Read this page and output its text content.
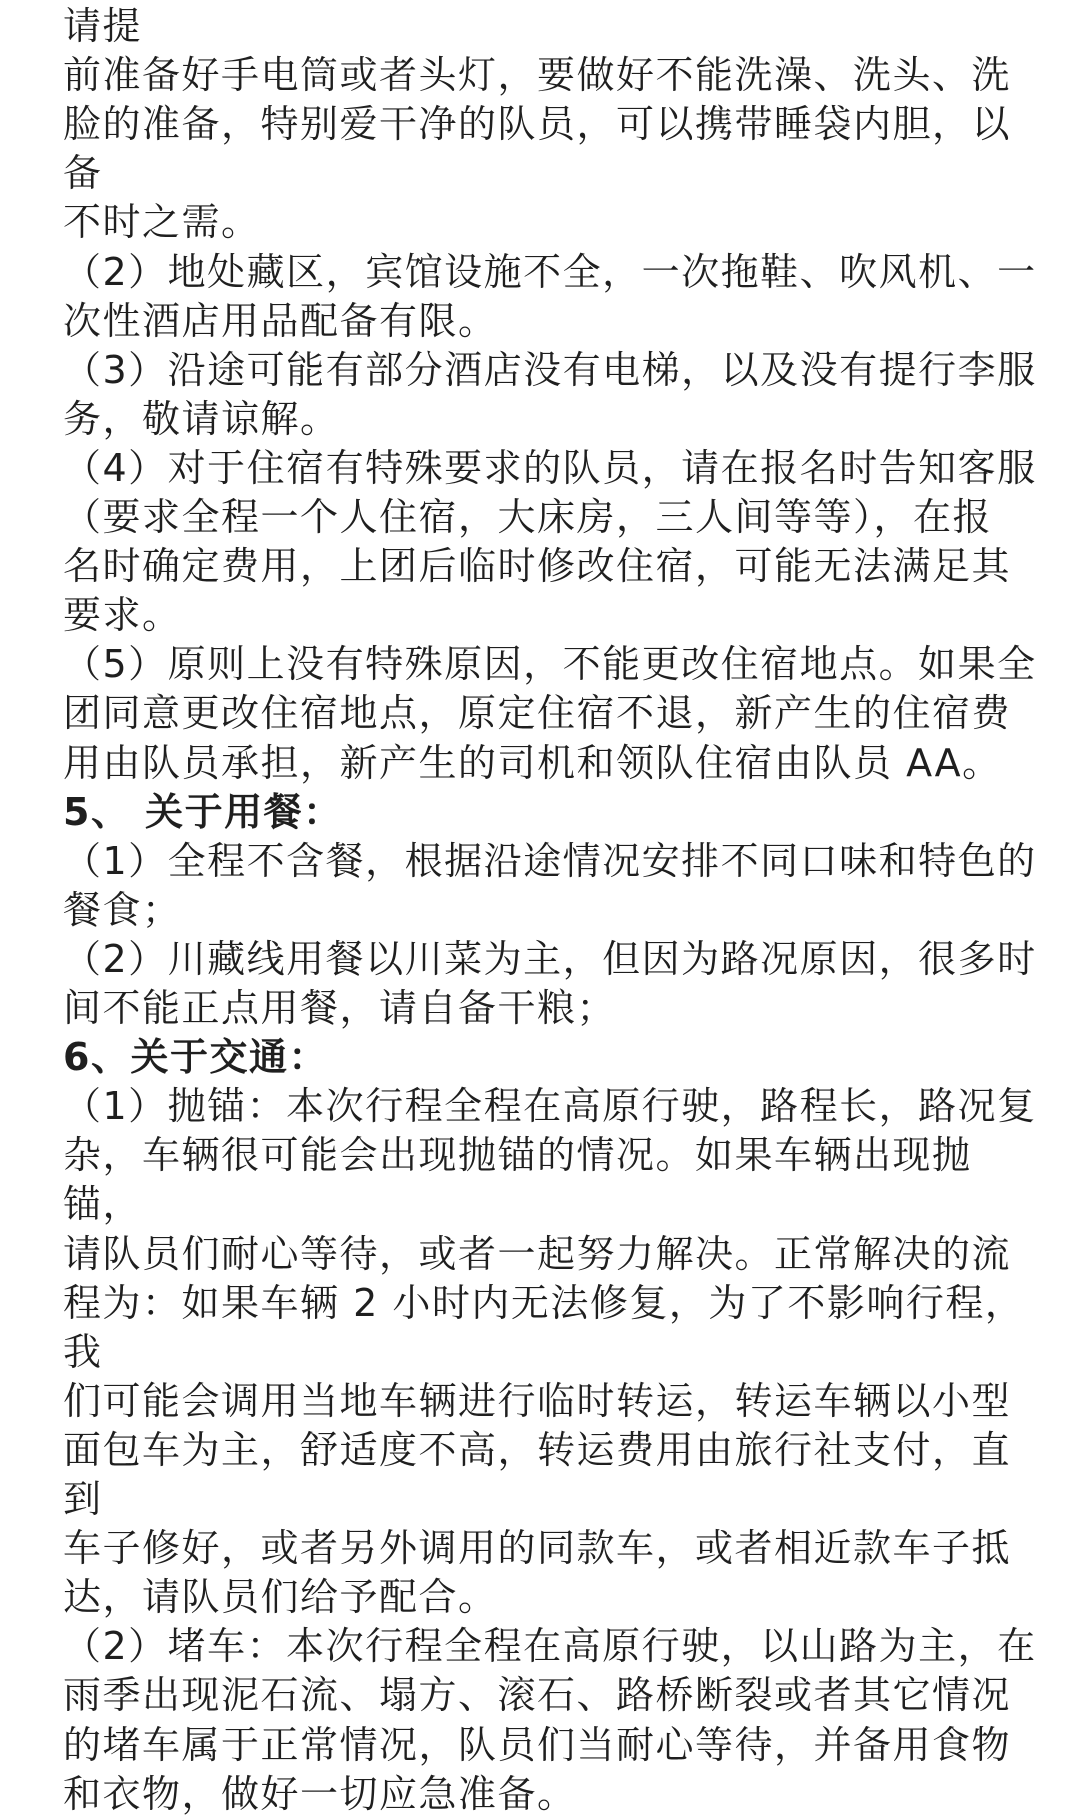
请提
前准备好手电筒或者头灯，要做好不能洗澡、洗头、洗
脸的准备，特别爱干净的队员，可以携带睡袋内胆，以
备
不时之需。
（2）地处藏区，宾馆设施不全，一次拖鞋、吹风机、一
次性酒店用品配备有限。
（3）沿途可能有部分酒店没有电梯，以及没有提行李服
务，敬请谅解。
（4）对于住宿有特殊要求的队员，请在报名时告知客服
（要求全程一个人住宿，大床房，三人间等等），在报
名时确定费用，上团后临时修改住宿，可能无法满足其
要求。
（5）原则上没有特殊原因，不能更改住宿地点。如果全
团同意更改住宿地点，原定住宿不退，新产生的住宿费
用由队员承担，新产生的司机和领队住宿由队员 AA。
5、 关于用餐：
（1）全程不含餐，根据沿途情况安排不同口味和特色的
餐食；
（2）川藏线用餐以川菜为主，但因为路况原因，很多时
间不能正点用餐，请自备干粮；
6、关于交通：
（1）抛锚：本次行程全程在高原行驶，路程长，路况复
杂，车辆很可能会出现抛锚的情况。如果车辆出现抛
锚，
请队员们耐心等待，或者一起努力解决。正常解决的流
程为：如果车辆 2 小时内无法修复，为了不影响行程，
我
们可能会调用当地车辆进行临时转运，转运车辆以小型
面包车为主，舒适度不高，转运费用由旅行社支付，直
到
车子修好，或者另外调用的同款车，或者相近款车子抵
达，请队员们给予配合。
（2）堵车：本次行程全程在高原行驶，以山路为主，在
雨季出现泥石流、塌方、滚石、路桥断裂或者其它情况
的堵车属于正常情况，队员们当耐心等待，并备用食物
和衣物，做好一切应急准备。
